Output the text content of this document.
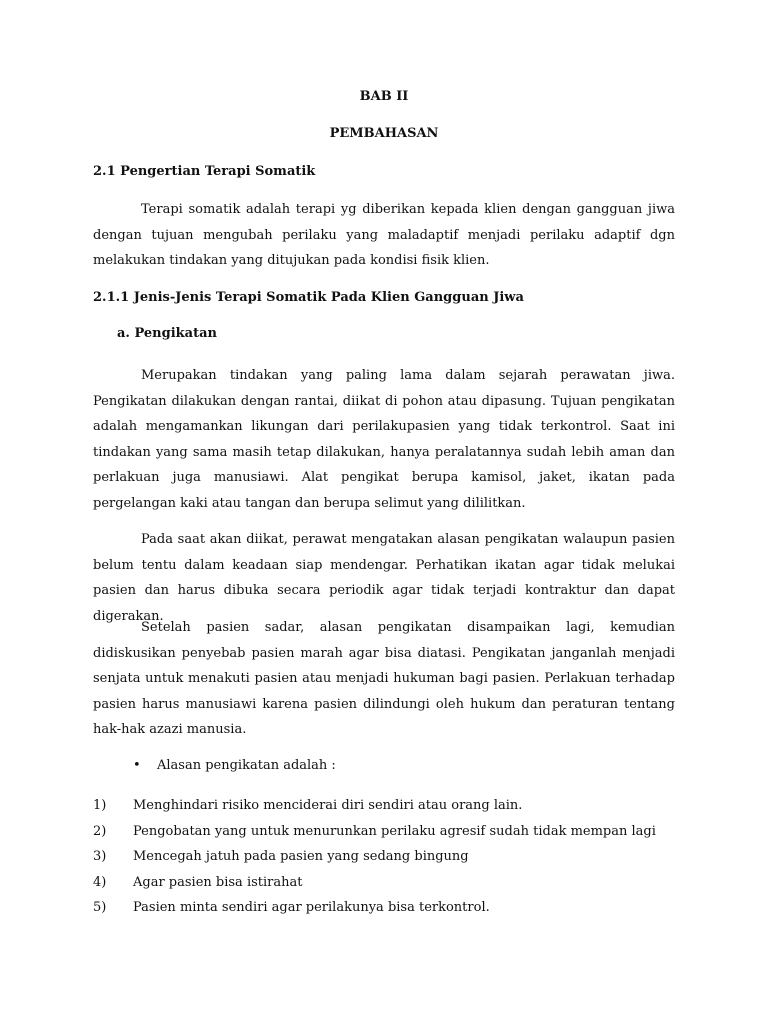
BAB II

PEMBAHASAN

2.1 Pengertian Terapi Somatik

Terapi somatik adalah terapi yg diberikan kepada klien dengan gangguan jiwa dengan tujuan mengubah perilaku yang maladaptif menjadi perilaku adaptif dgn melakukan tindakan yang ditujukan pada kondisi fisik klien.

2.1.1 Jenis-Jenis Terapi Somatik Pada Klien Gangguan Jiwa

a. Pengikatan

Merupakan tindakan yang paling lama dalam sejarah perawatan jiwa. Pengikatan dilakukan dengan rantai, diikat di pohon atau dipasung. Tujuan pengikatan adalah mengamankan likungan dari perilakupasien yang tidak terkontrol. Saat ini tindakan yang sama masih tetap dilakukan, hanya peralatannya sudah lebih aman dan perlakuan juga manusiawi. Alat pengikat berupa kamisol, jaket, ikatan pada pergelangan kaki atau tangan dan berupa selimut yang dililitkan.

Pada saat akan diikat, perawat mengatakan alasan pengikatan walaupun pasien belum tentu dalam keadaan siap mendengar. Perhatikan ikatan agar tidak melukai pasien dan harus dibuka secara periodik agar tidak terjadi kontraktur dan dapat digerakan.

Setelah pasien sadar, alasan pengikatan disampaikan lagi, kemudian didiskusikan penyebab pasien marah agar bisa diatasi. Pengikatan janganlah menjadi senjata untuk menakuti pasien atau menjadi hukuman bagi pasien. Perlakuan terhadap pasien harus manusiawi karena pasien dilindungi oleh hukum dan peraturan tentang hak-hak azazi manusia.

• Alasan pengikatan adalah :

1) Menghindari risiko menciderai diri sendiri atau orang lain.
2) Pengobatan yang untuk menurunkan perilaku agresif sudah tidak mempan lagi
3) Mencegah jatuh pada pasien yang sedang bingung
4) Agar pasien bisa istirahat
5) Pasien minta sendiri agar perilakunya bisa terkontrol.
